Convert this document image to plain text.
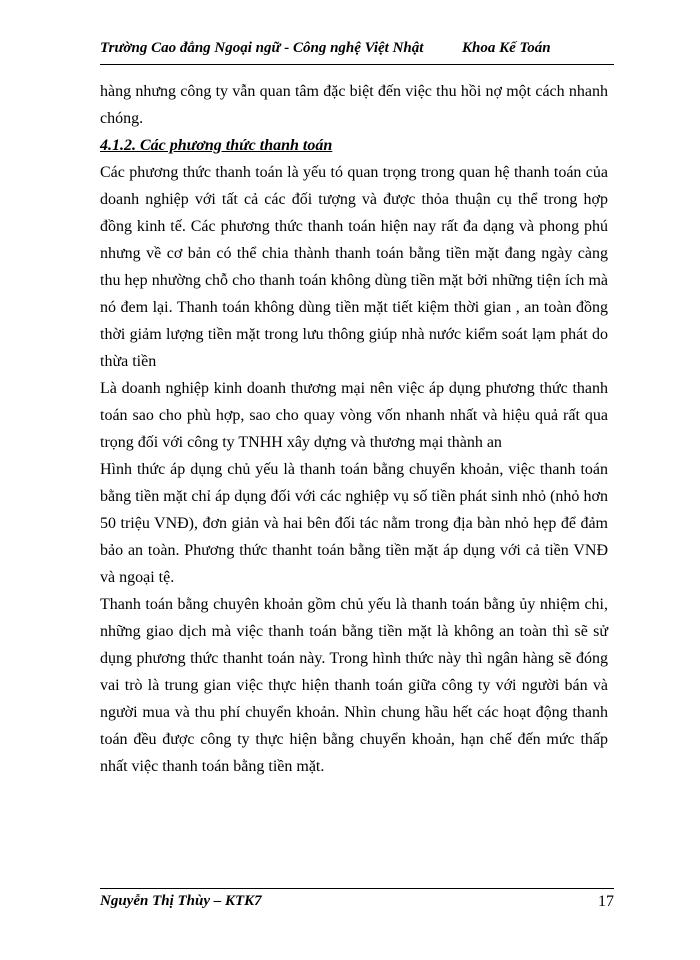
Trường Cao đẳng Ngoại ngữ - Công nghệ Việt Nhật	Khoa Kế Toán

hàng nhưng công ty vẫn quan tâm đặc biệt đến việc thu hồi nợ một cách nhanh chóng.

4.1.2. Các phương thức thanh toán

Các phương thức thanh toán là yếu tó quan trọng trong quan hệ thanh toán của doanh nghiệp với tất cả các đối tượng và được thỏa thuận cụ thể trong hợp đồng kinh tế. Các phương thức thanh toán hiện nay rất đa dạng và phong phú nhưng về cơ bản có thể chia thành thanh toán bằng tiền mặt đang ngày càng thu hẹp nhường chỗ cho thanh toán không dùng tiền mặt bởi những tiện ích mà nó đem lại. Thanh toán không dùng tiền mặt tiết kiệm thời gian , an toàn đồng thời giảm lượng tiền mặt trong lưu thông giúp nhà nước kiểm soát lạm phát do thừa tiền

Là doanh nghiệp kinh doanh thương mại nên việc áp dụng phương thức thanh toán sao cho phù hợp, sao cho quay vòng vốn nhanh nhất và hiệu quả rất qua trọng đối với công ty TNHH xây dựng và thương mại thành an

Hình thức áp dụng chủ yếu là thanh toán bằng chuyển khoản, việc thanh toán bằng tiền mặt chỉ áp dụng đối với các nghiệp vụ số tiền phát sinh nhỏ (nhỏ hơn 50 triệu VNĐ), đơn giản và hai bên đối tác nằm trong địa bàn nhỏ hẹp để đảm bảo an toàn. Phương thức thanht toán bằng tiền mặt áp dụng với cả tiền VNĐ và ngoại tệ.

Thanh toán bằng chuyên khoản gồm chủ yếu là thanh toán bằng ủy nhiệm chi, những giao dịch mà việc thanh toán bằng tiền mặt là không an toàn thì sẽ sử dụng phương thức thanht toán này. Trong hình thức này thì ngân hàng sẽ đóng vai trò là trung gian việc thực hiện thanh toán giữa công ty với người bán và người mua và thu phí chuyển khoản. Nhìn chung hầu hết các hoạt động thanh toán đều được công ty thực hiện bằng chuyển khoản, hạn chế đến mức thấp nhất việc thanh toán bằng tiền mặt.

Nguyễn Thị Thùy – KTK7	17
